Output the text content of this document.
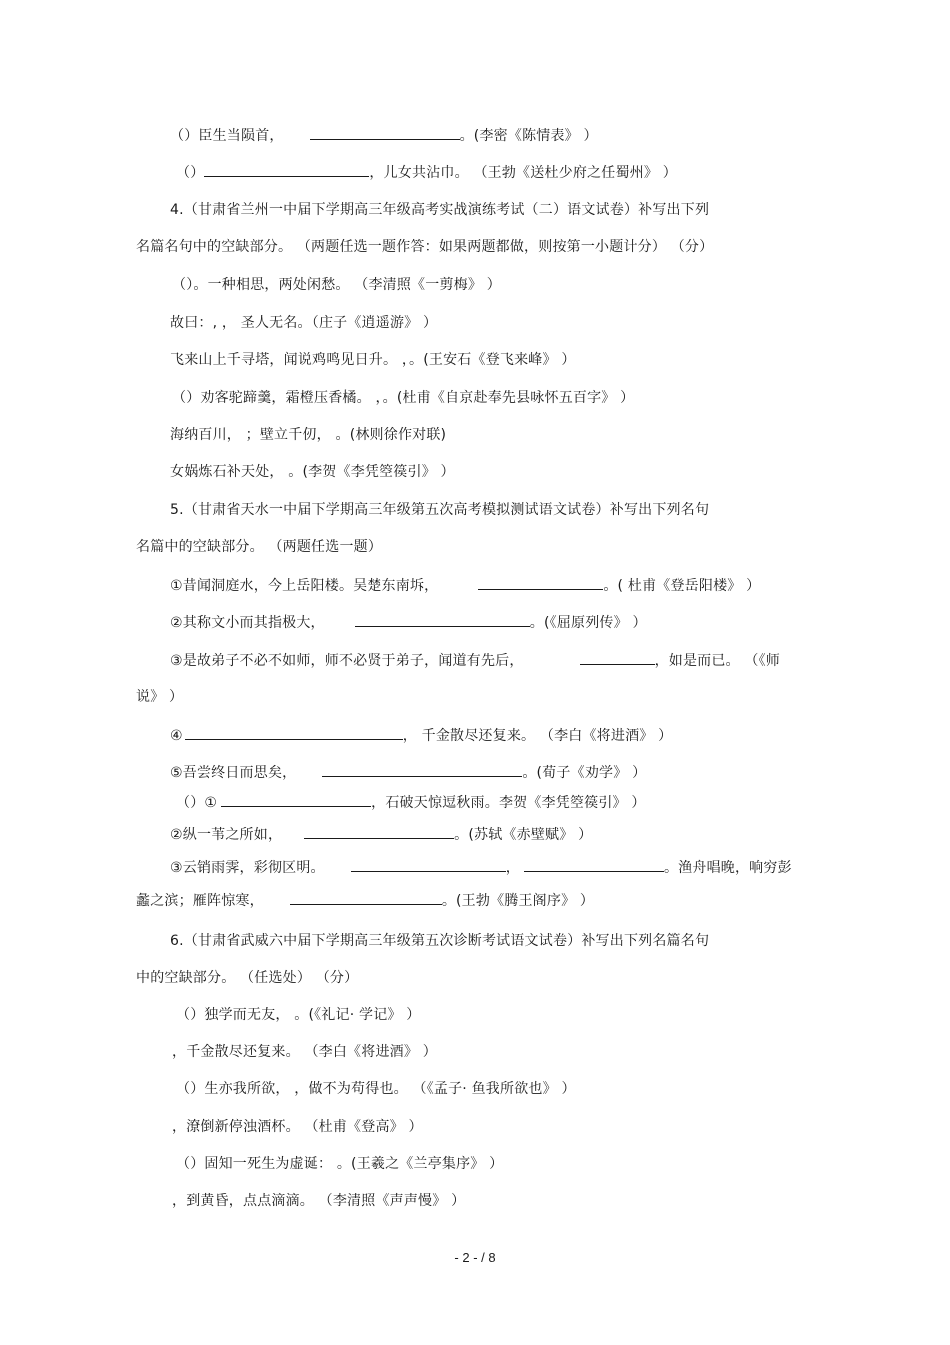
（）臣生当陨首，	。(李密《陈情表》 ）
（）	，儿女共沾巾。 （王勃《送杜少府之任蜀州》 ）
4.（甘肃省兰州一中届下学期高三年级高考实战演练考试（二）语文试卷）补写出下列
名篇名句中的空缺部分。 （两题任选一题作答：如果两题都做，则按第一小题计分） （分）
（）。一种相思，两处闲愁。 （李清照《一剪梅》 ）
故曰：, ， 圣人无名。（庄子《逍遥游》 ）
飞来山上千寻塔，闻说鸡鸣见日升。 ，。(王安石《登飞来峰》 ）
（）劝客驼蹄羹，霜橙压香橘。 ，。(杜甫《自京赴奉先县咏怀五百字》 ）
海纳百川， ；壁立千仞， 。(林则徐作对联)
女娲炼石补天处， 。(李贺《李凭箜篌引》 ）
5.（甘肃省天水一中届下学期高三年级第五次高考模拟测试语文试卷）补写出下列名句
名篇中的空缺部分。 （两题任选一题）
①昔闻洞庭水，今上岳阳楼。吴楚东南坼，	。( 杜甫《登岳阳楼》 ）
②其称文小而其指极大，	。(《屈原列传》 ）
③是故弟子不必不如师，师不必贤于弟子，闻道有先后，	，如是而已。 （《师
说》 ）
④	， 千金散尽还复来。 （李白《将进酒》 ）
⑤吾尝终日而思矣，	。(荀子《劝学》 ）
（）①	，石破天惊逗秋雨。李贺《李凭箜篌引》 ）
②纵一苇之所如，	。(苏轼《赤壁赋》 ）
③云销雨霁，彩彻区明。	，	。渔舟唱晚，响穷彭
蠡之滨；雁阵惊寒，	。(王勃《腾王阁序》 ）
6.（甘肃省武威六中届下学期高三年级第五次诊断考试语文试卷）补写出下列名篇名句
中的空缺部分。 （任选处） （分）
（）独学而无友， 。(《礼记· 学记》 ）
，千金散尽还复来。 （李白《将进酒》 ）
（）生亦我所欲， ，做不为苟得也。 （《孟子· 鱼我所欲也》 ）
，潦倒新停浊酒杯。 （杜甫《登高》 ）
（）固知一死生为虚诞： 。(王羲之《兰亭集序》 ）
，到黄昏，点点滴滴。 （李清照《声声慢》 ）
- 2 - / 8
